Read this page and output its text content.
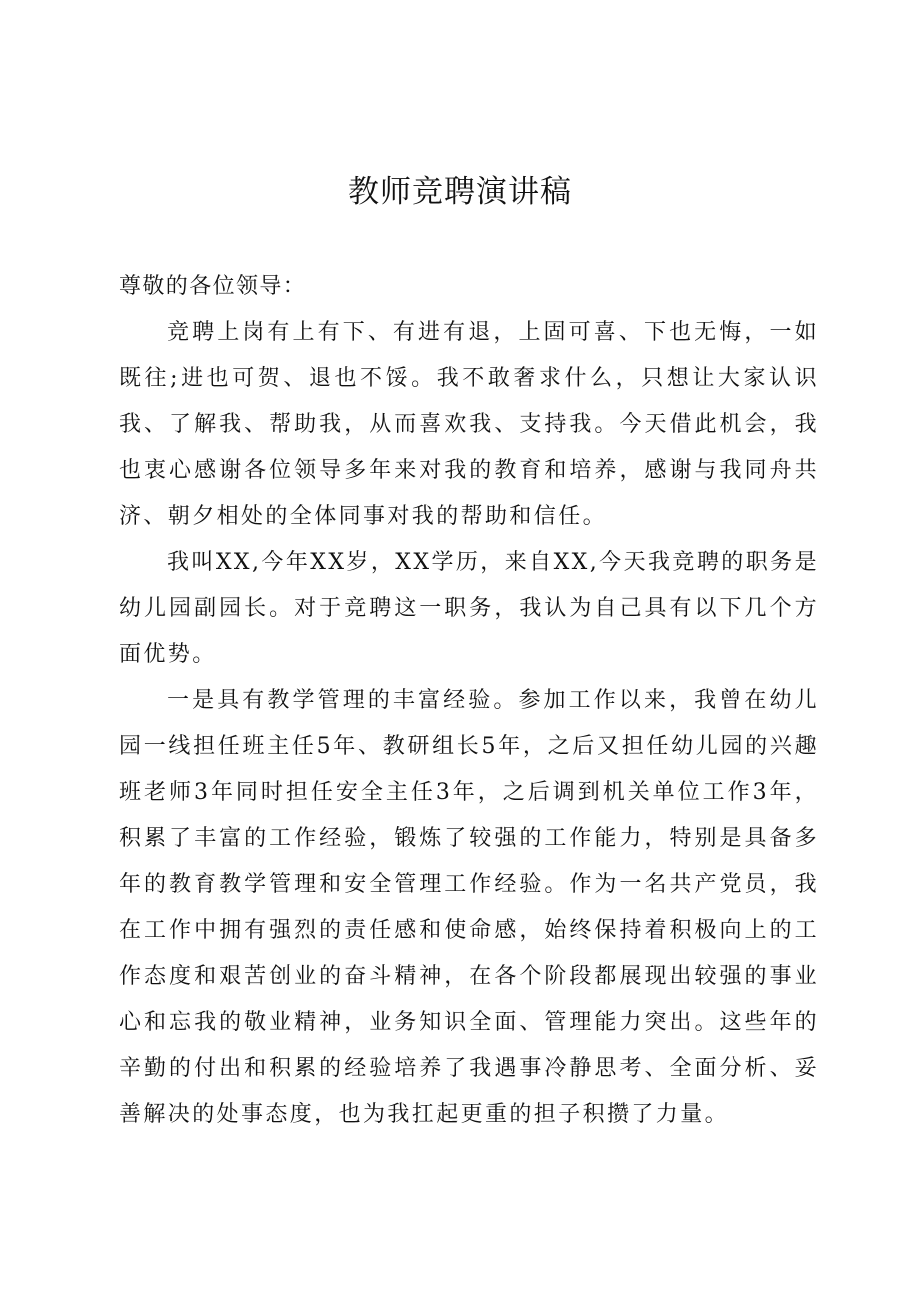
教师竞聘演讲稿

尊敬的各位领导：

竞聘上岗有上有下、有进有退，上固可喜、下也无悔，一如既往;进也可贺、退也不馁。我不敢奢求什么，只想让大家认识我、了解我、帮助我，从而喜欢我、支持我。今天借此机会，我也衷心感谢各位领导多年来对我的教育和培养，感谢与我同舟共济、朝夕相处的全体同事对我的帮助和信任。

我叫XX,今年XX岁，XX学历，来自XX,今天我竞聘的职务是幼儿园副园长。对于竞聘这一职务，我认为自己具有以下几个方面优势。

一是具有教学管理的丰富经验。参加工作以来，我曾在幼儿园一线担任班主任5年、教研组长5年，之后又担任幼儿园的兴趣班老师3年同时担任安全主任3年，之后调到机关单位工作3年，积累了丰富的工作经验，锻炼了较强的工作能力，特别是具备多年的教育教学管理和安全管理工作经验。作为一名共产党员，我在工作中拥有强烈的责任感和使命感，始终保持着积极向上的工作态度和艰苦创业的奋斗精神，在各个阶段都展现出较强的事业心和忘我的敬业精神，业务知识全面、管理能力突出。这些年的辛勤的付出和积累的经验培养了我遇事冷静思考、全面分析、妥善解决的处事态度，也为我扛起更重的担子积攒了力量。
